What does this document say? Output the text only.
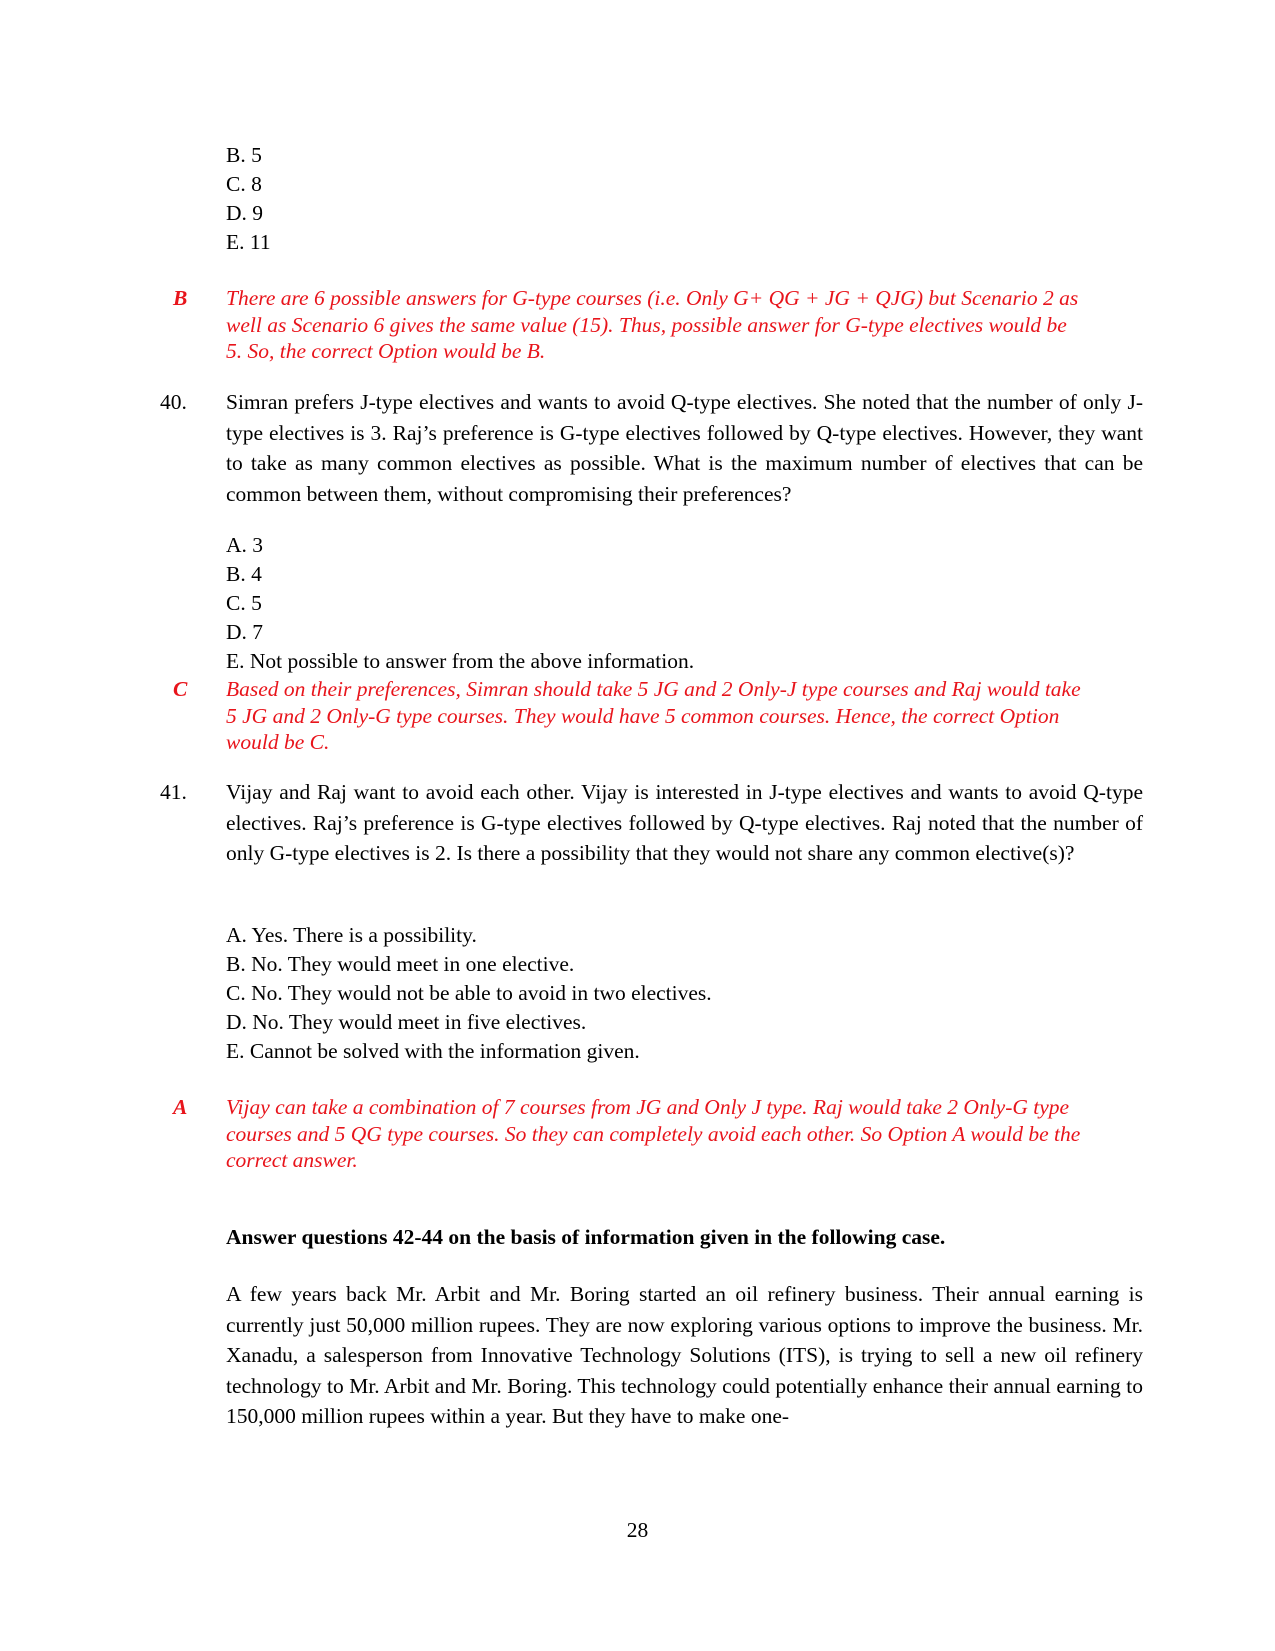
B. 5
C. 8
D. 9
E. 11
B There are 6 possible answers for G-type courses (i.e. Only G+ QG + JG + QJG) but Scenario 2 as
well as Scenario 6 gives the same value (15). Thus, possible answer for G-type electives would be
5. So, the correct Option would be B.
40. Simran prefers J-type electives and wants to avoid Q-type electives. She noted that the number of only J-type electives is 3. Raj’s preference is G-type electives followed by Q-type electives. However, they want to take as many common electives as possible. What is the maximum number of electives that can be common between them, without compromising their preferences?
A. 3
B. 4
C. 5
D. 7
E. Not possible to answer from the above information.
C Based on their preferences, Simran should take 5 JG and 2 Only-J type courses and Raj would take
5 JG and 2 Only-G type courses. They would have 5 common courses. Hence, the correct Option
would be C.
41. Vijay and Raj want to avoid each other. Vijay is interested in J-type electives and wants to avoid Q-type electives. Raj’s preference is G-type electives followed by Q-type electives. Raj noted that the number of only G-type electives is 2. Is there a possibility that they would not share any common elective(s)?
A. Yes. There is a possibility.
B. No. They would meet in one elective.
C. No. They would not be able to avoid in two electives.
D. No. They would meet in five electives.
E. Cannot be solved with the information given.
A Vijay can take a combination of 7 courses from JG and Only J type. Raj would take 2 Only-G type
courses and 5 QG type courses. So they can completely avoid each other. So Option A would be the
correct answer.
Answer questions 42-44 on the basis of information given in the following case.
A few years back Mr. Arbit and Mr. Boring started an oil refinery business. Their annual earning is currently just 50,000 million rupees. They are now exploring various options to improve the business. Mr. Xanadu, a salesperson from Innovative Technology Solutions (ITS), is trying to sell a new oil refinery technology to Mr. Arbit and Mr. Boring. This technology could potentially enhance their annual earning to 150,000 million rupees within a year. But they have to make one-
28
